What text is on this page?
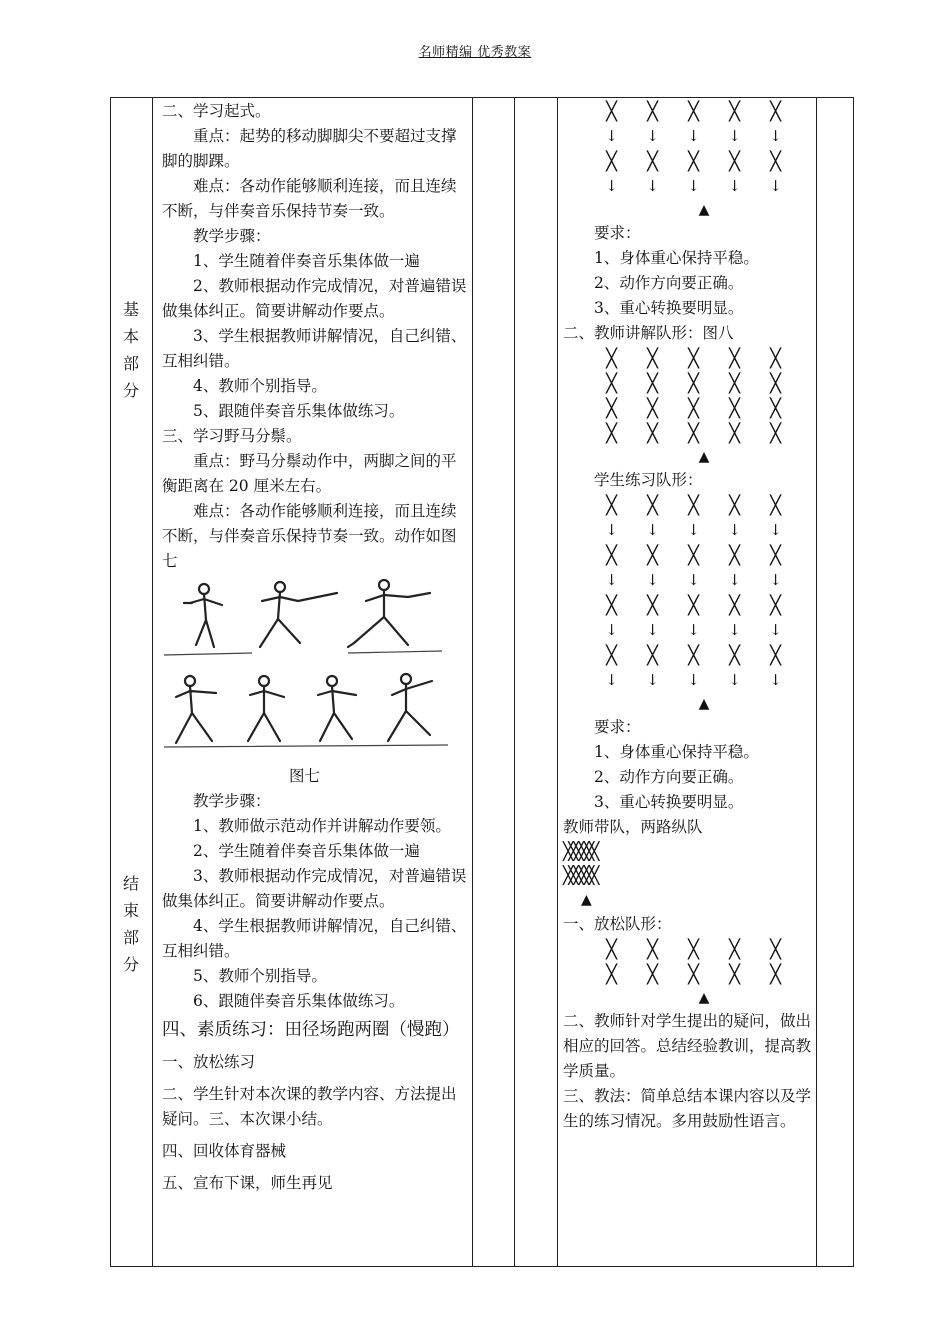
名师精编 优秀教案
基
本
部
分
结
束
部
分

二、学习起式。

重点：起势的移动脚脚尖不要超过支撑脚的脚踝。

难点：各动作能够顺利连接，而且连续不断，与伴奏音乐保持节奏一致。

教学步骤：

1、学生随着伴奏音乐集体做一遍

2、教师根据动作完成情况，对普遍错误做集体纠正。简要讲解动作要点。

3、学生根据教师讲解情况，自己纠错、互相纠错。

4、教师个别指导。

5、跟随伴奏音乐集体做练习。

三、学习野马分鬃。

重点：野马分鬃动作中，两脚之间的平衡距离在 20 厘米左右。

难点：各动作能够顺利连接，而且连续不断，与伴奏音乐保持节奏一致。动作如图七

图七

教学步骤：

1、教师做示范动作并讲解动作要领。

2、学生随着伴奏音乐集体做一遍

3、教师根据动作完成情况，对普遍错误做集体纠正。简要讲解动作要点。

4、学生根据教师讲解情况，自己纠错、互相纠错。

5、教师个别指导。

6、跟随伴奏音乐集体做练习。

四、素质练习：田径场跑两圈（慢跑）

一、放松练习

二、学生针对本次课的教学内容、方法提出疑问。三、本次课小结。

四、回收体育器械

五、宣布下课，师生再见

╳ ╳ ╳ ╳ ╳
↓ ↓ ↓ ↓ ↓
╳ ╳ ╳ ╳ ╳
↓ ↓ ↓ ↓ ↓
▲

要求：

1、身体重心保持平稳。

2、动作方向要正确。

3、重心转换要明显。

二、教师讲解队形：图八

╳ ╳ ╳ ╳ ╳
╳ ╳ ╳ ╳ ╳
╳ ╳ ╳ ╳ ╳
╳ ╳ ╳ ╳ ╳
▲

学生练习队形：

╳ ╳ ╳ ╳ ╳
↓ ↓ ↓ ↓ ↓
╳ ╳ ╳ ╳ ╳
↓ ↓ ↓ ↓ ↓
╳ ╳ ╳ ╳ ╳
↓ ↓ ↓ ↓ ↓
╳ ╳ ╳ ╳ ╳
↓ ↓ ↓ ↓ ↓
▲

要求：

1、身体重心保持平稳。

2、动作方向要正确。

3、重心转换要明显。

教师带队，两路纵队

╳╳╳╳╳╳
╳╳╳╳╳╳
▲

一、放松队形：

╳ ╳ ╳ ╳ ╳
╳ ╳ ╳ ╳ ╳
▲

二、教师针对学生提出的疑问，做出相应的回答。总结经验教训，提高教学质量。

三、教法：简单总结本课内容以及学生的练习情况。多用鼓励性语言。
